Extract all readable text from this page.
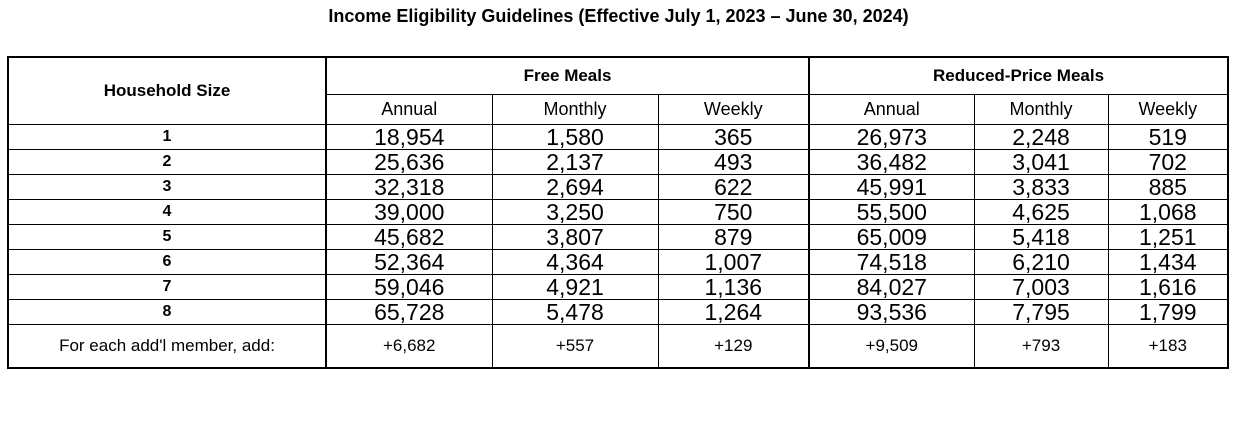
Income Eligibility Guidelines (Effective July 1, 2023 – June 30, 2024)
Household Size	Free Meals			Reduced-Price Meals		
	Annual	Monthly	Weekly	Annual	Monthly	Weekly
1	18,954	1,580	365	26,973	2,248	519
2	25,636	2,137	493	36,482	3,041	702
3	32,318	2,694	622	45,991	3,833	885
4	39,000	3,250	750	55,500	4,625	1,068
5	45,682	3,807	879	65,009	5,418	1,251
6	52,364	4,364	1,007	74,518	6,210	1,434
7	59,046	4,921	1,136	84,027	7,003	1,616
8	65,728	5,478	1,264	93,536	7,795	1,799
For each add'l member, add:	+6,682	+557	+129	+9,509	+793	+183
